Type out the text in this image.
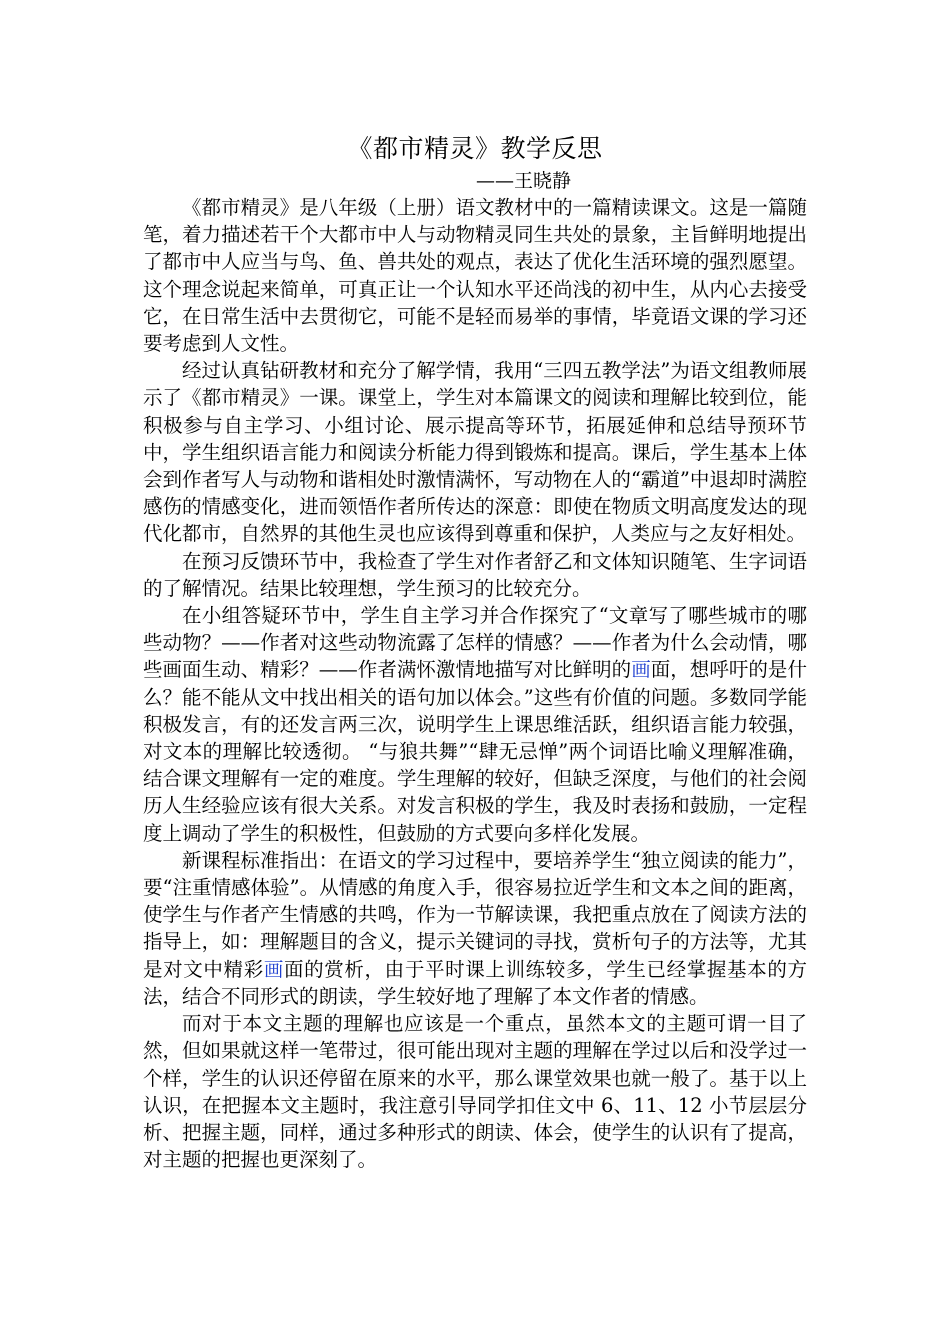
《都市精灵》教学反思

——王晓静

《都市精灵》是八年级（上册）语文教材中的一篇精读课文。这是一篇随笔，着力描述若干个大都市中人与动物精灵同生共处的景象，主旨鲜明地提出了都市中人应当与鸟、鱼、兽共处的观点，表达了优化生活环境的强烈愿望。这个理念说起来简单，可真正让一个认知水平还尚浅的初中生，从内心去接受它，在日常生活中去贯彻它，可能不是轻而易举的事情，毕竟语文课的学习还要考虑到人文性。

经过认真钻研教材和充分了解学情，我用“三四五教学法”为语文组教师展示了《都市精灵》一课。课堂上，学生对本篇课文的阅读和理解比较到位，能积极参与自主学习、小组讨论、展示提高等环节，拓展延伸和总结导预环节中，学生组织语言能力和阅读分析能力得到锻炼和提高。课后，学生基本上体会到作者写人与动物和谐相处时激情满怀，写动物在人的“霸道”中退却时满腔感伤的情感变化，进而领悟作者所传达的深意：即使在物质文明高度发达的现代化都市，自然界的其他生灵也应该得到尊重和保护，人类应与之友好相处。

在预习反馈环节中，我检查了学生对作者舒乙和文体知识随笔、生字词语的了解情况。结果比较理想，学生预习的比较充分。

在小组答疑环节中，学生自主学习并合作探究了“文章写了哪些城市的哪些动物？——作者对这些动物流露了怎样的情感？——作者为什么会动情，哪些画面生动、精彩？——作者满怀激情地描写对比鲜明的画面，想呼吁的是什么？能不能从文中找出相关的语句加以体会。”这些有价值的问题。多数同学能积极发言，有的还发言两三次，说明学生上课思维活跃，组织语言能力较强，对文本的理解比较透彻。 “与狼共舞”“肆无忌惮”两个词语比喻义理解准确，结合课文理解有一定的难度。学生理解的较好，但缺乏深度，与他们的社会阅历人生经验应该有很大关系。对发言积极的学生，我及时表扬和鼓励，一定程度上调动了学生的积极性，但鼓励的方式要向多样化发展。

新课程标准指出：在语文的学习过程中，要培养学生“独立阅读的能力”，要“注重情感体验”。从情感的角度入手，很容易拉近学生和文本之间的距离，使学生与作者产生情感的共鸣，作为一节解读课，我把重点放在了阅读方法的指导上，如：理解题目的含义，提示关键词的寻找，赏析句子的方法等，尤其是对文中精彩画面的赏析，由于平时课上训练较多，学生已经掌握基本的方法，结合不同形式的朗读，学生较好地了理解了本文作者的情感。

而对于本文主题的理解也应该是一个重点，虽然本文的主题可谓一目了然，但如果就这样一笔带过，很可能出现对主题的理解在学过以后和没学过一个样，学生的认识还停留在原来的水平，那么课堂效果也就一般了。基于以上认识，在把握本文主题时，我注意引导同学扣住文中 6、11、12 小节层层分析、把握主题，同样，通过多种形式的朗读、体会，使学生的认识有了提高，对主题的把握也更深刻了。
